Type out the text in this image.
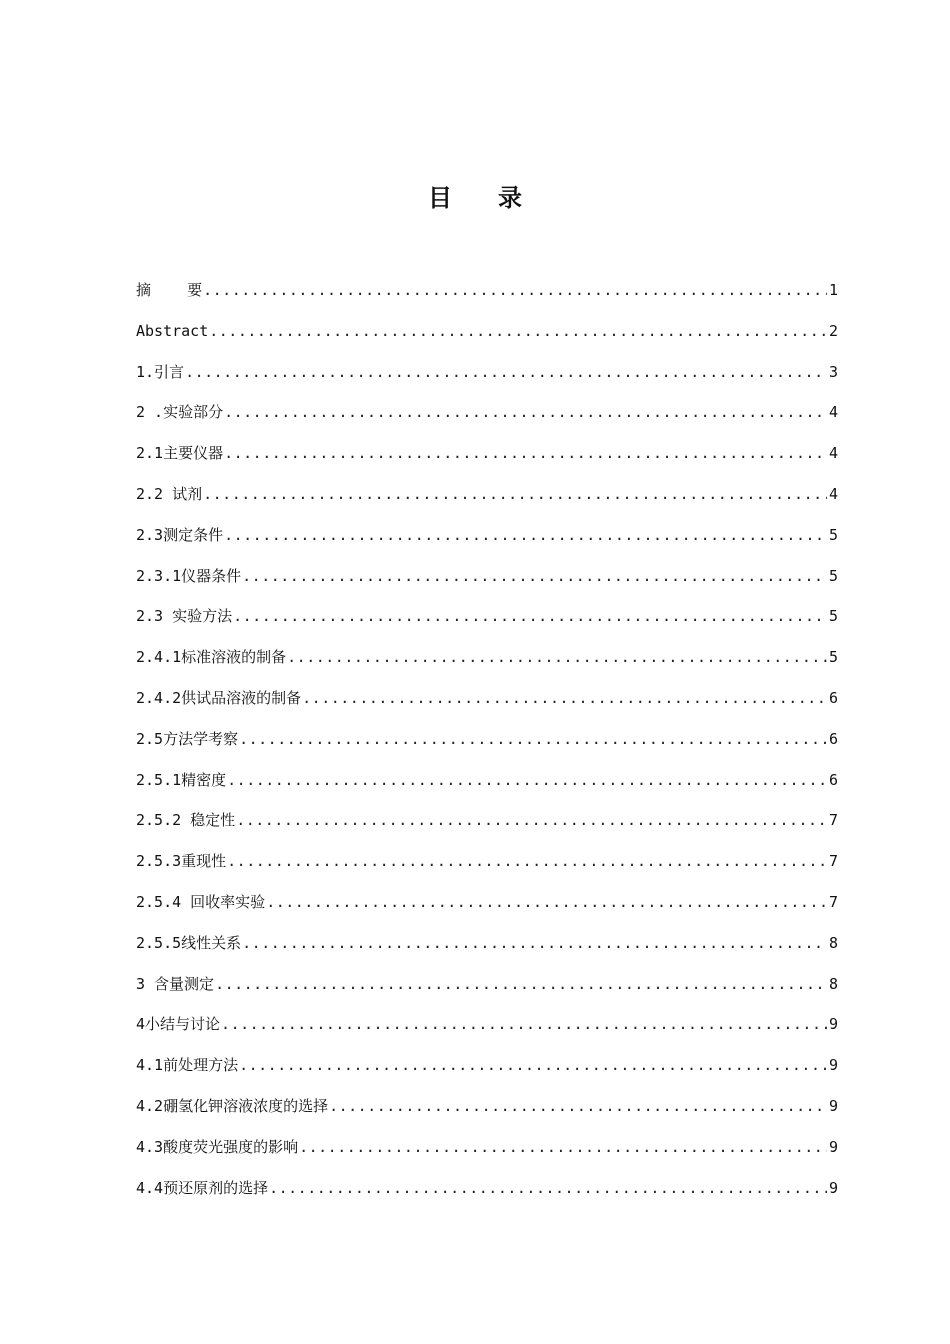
目 录
摘    要 .....	1
Abstract .....	2
1.引言 .....	3
2 .实验部分 .....	4
2.1主要仪器 .....	4
2.2 试剂 .....	4
2.3测定条件 .....	5
2.3.1仪器条件 .....	5
2.3 实验方法 .....	5
2.4.1标准溶液的制备 .....	5
2.4.2供试品溶液的制备 .....	6
2.5方法学考察 .....	6
2.5.1精密度 .....	6
2.5.2 稳定性 .....	7
2.5.3重现性 .....	7
2.5.4 回收率实验 .....	7
2.5.5线性关系 .....	8
3 含量测定 .....	8
4小结与讨论 .....	9
4.1前处理方法 .....	9
4.2硼氢化钾溶液浓度的选择 .....	9
4.3酸度荧光强度的影响 .....	9
4.4预还原剂的选择 .....	9
